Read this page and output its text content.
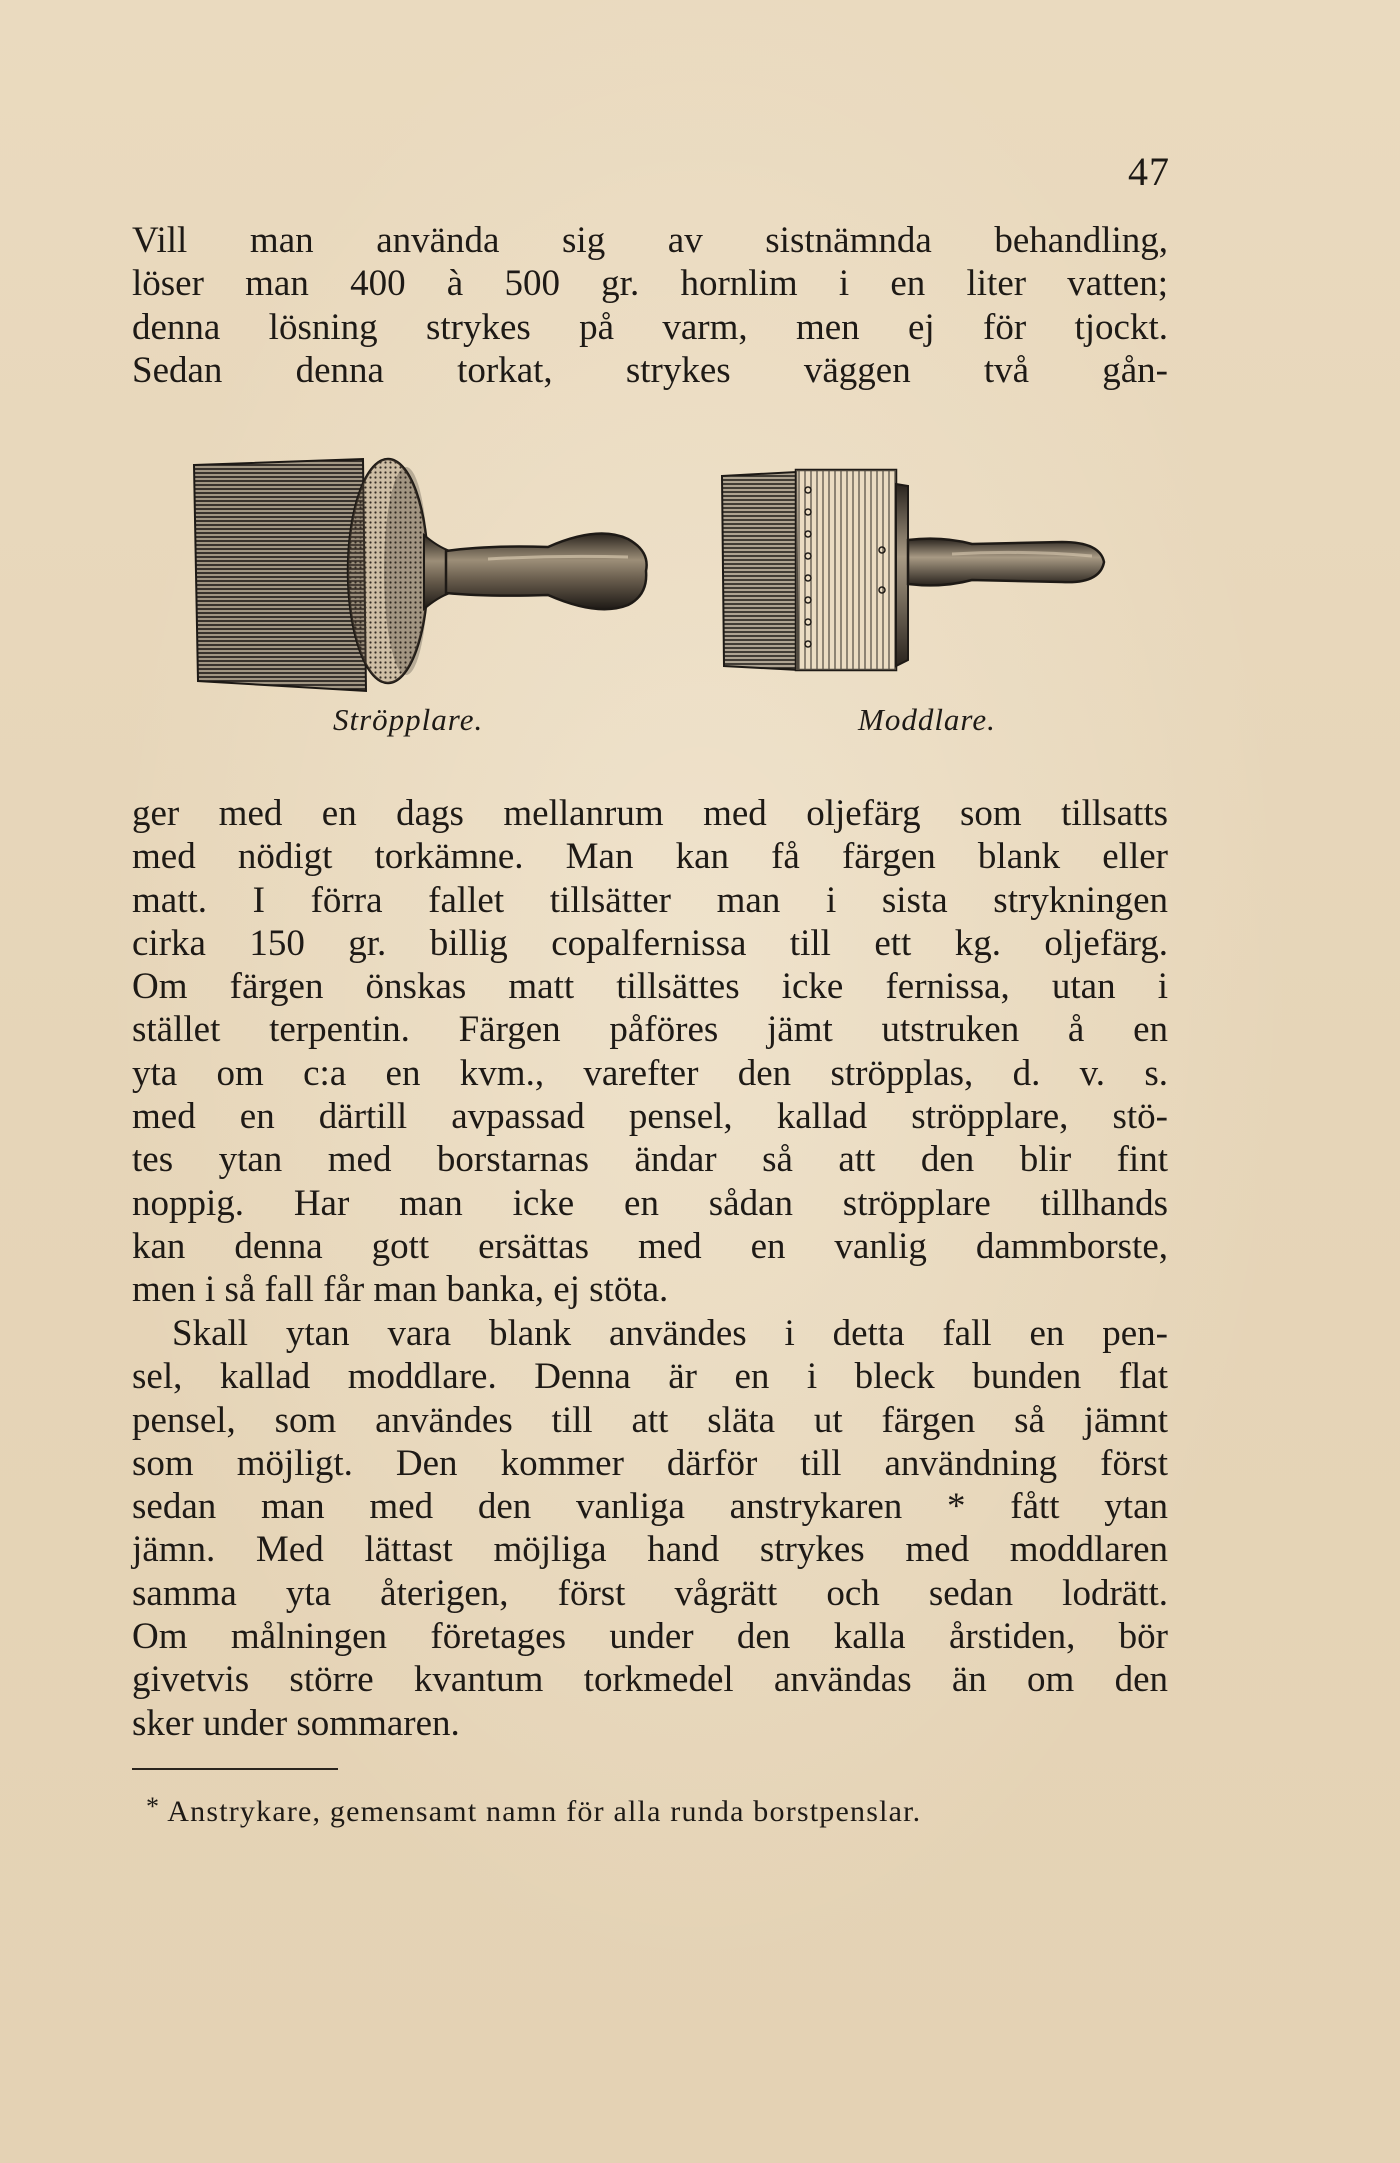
47
Vill man använda sig av sistnämnda behandling,
löser man 400 à 500 gr. hornlim i en liter vatten;
denna lösning strykes på varm, men ej för tjockt.
Sedan denna torkat, strykes väggen två gån-
Ströpplare.	Moddlare.
ger med en dags mellanrum med oljefärg som tillsatts
med nödigt torkämne. Man kan få färgen blank eller
matt. I förra fallet tillsätter man i sista strykningen
cirka 150 gr. billig copalfernissa till ett kg. oljefärg.
Om färgen önskas matt tillsättes icke fernissa, utan i
stället terpentin. Färgen påföres jämt utstruken å en
yta om c:a en kvm., varefter den ströpplas, d. v. s.
med en därtill avpassad pensel, kallad ströpplare, stö-
tes ytan med borstarnas ändar så att den blir fint
noppig. Har man icke en sådan ströpplare tillhands
kan denna gott ersättas med en vanlig dammborste,
men i så fall får man banka, ej stöta.
Skall ytan vara blank användes i detta fall en pen-
sel, kallad moddlare. Denna är en i bleck bunden flat
pensel, som användes till att släta ut färgen så jämnt
som möjligt. Den kommer därför till användning först
sedan man med den vanliga anstrykaren * fått ytan
jämn. Med lättast möjliga hand strykes med moddlaren
samma yta återigen, först vågrätt och sedan lodrätt.
Om målningen företages under den kalla årstiden, bör
givetvis större kvantum torkmedel användas än om den
sker under sommaren.
* Anstrykare, gemensamt namn för alla runda borstpenslar.
